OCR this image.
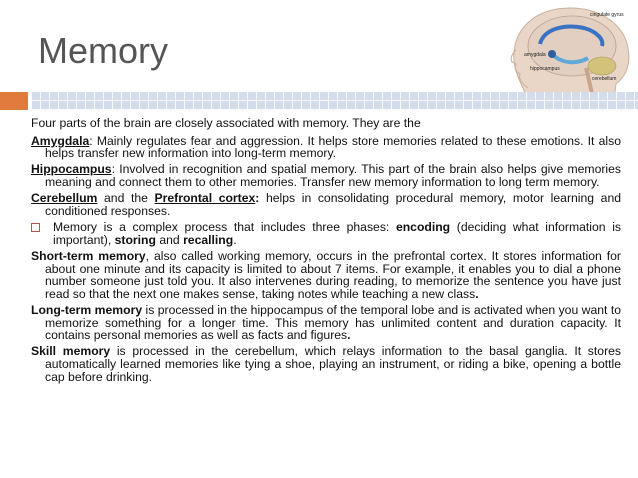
Memory
cingulate gyrus
amygdala
hippocampus
cerebellum

Four parts of the brain are closely associated with memory. They are the

Amygdala: Mainly regulates fear and aggression. It helps store memories related to these emotions. It also helps transfer new information into long-term memory.

Hippocampus: Involved in recognition and spatial memory. This part of the brain also helps give memories meaning and connect them to other memories. Transfer new memory information to long term memory.

Cerebellum and the Prefrontal cortex: helps in consolidating procedural memory, motor learning and conditioned responses.

Memory is a complex process that includes three phases: encoding (deciding what information is important), storing and recalling.

Short-term memory, also called working memory, occurs in the prefrontal cortex. It stores information for about one minute and its capacity is limited to about 7 items. For example, it enables you to dial a phone number someone just told you. It also intervenes during reading, to memorize the sentence you have just read so that the next one makes sense, taking notes while teaching a new class.

Long-term memory is processed in the hippocampus of the temporal lobe and is activated when you want to memorize something for a longer time. This memory has unlimited content and duration capacity. It contains personal memories as well as facts and figures.

Skill memory is processed in the cerebellum, which relays information to the basal ganglia. It stores automatically learned memories like tying a shoe, playing an instrument, or riding a bike, opening a bottle cap before drinking.
